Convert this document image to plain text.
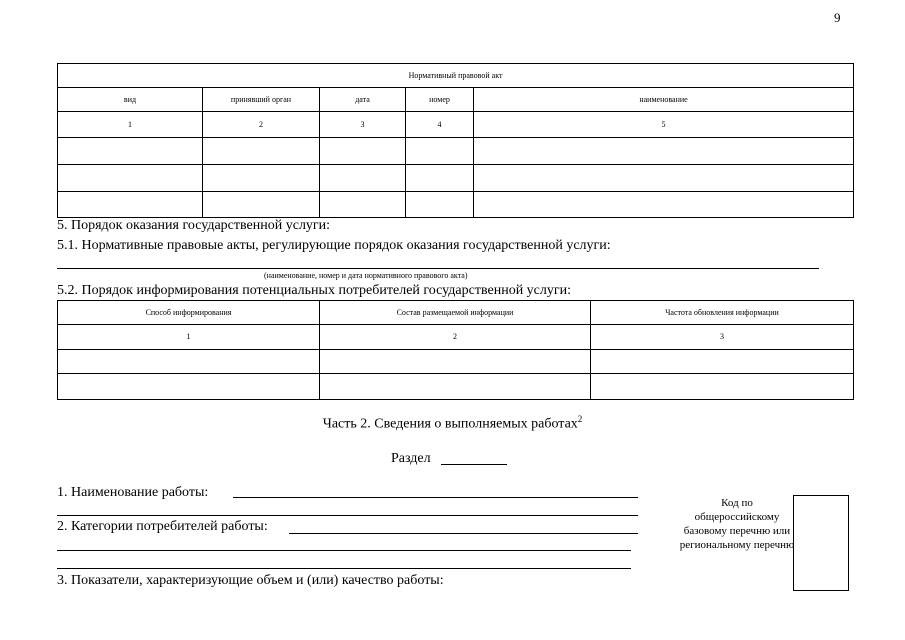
9
Нормативный правовой акт				
вид	принявший орган	дата	номер	наименование
1	2	3	4	5

5. Порядок оказания государственной услуги:
5.1. Нормативные правовые акты, регулирующие порядок оказания государственной услуги:
(наименование, номер и дата нормативного правового акта)
5.2. Порядок информирования потенциальных потребителей государственной услуги:
Способ информирования	Состав размещаемой информации	Частота обновления информации
1	2	3

Часть 2. Сведения о выполняемых работах$^2$
Раздел
1. Наименование работы:
2. Категории потребителей работы:
3. Показатели, характеризующие объем и (или) качество работы:
Код по общероссийскому базовому перечню или региональному перечню
